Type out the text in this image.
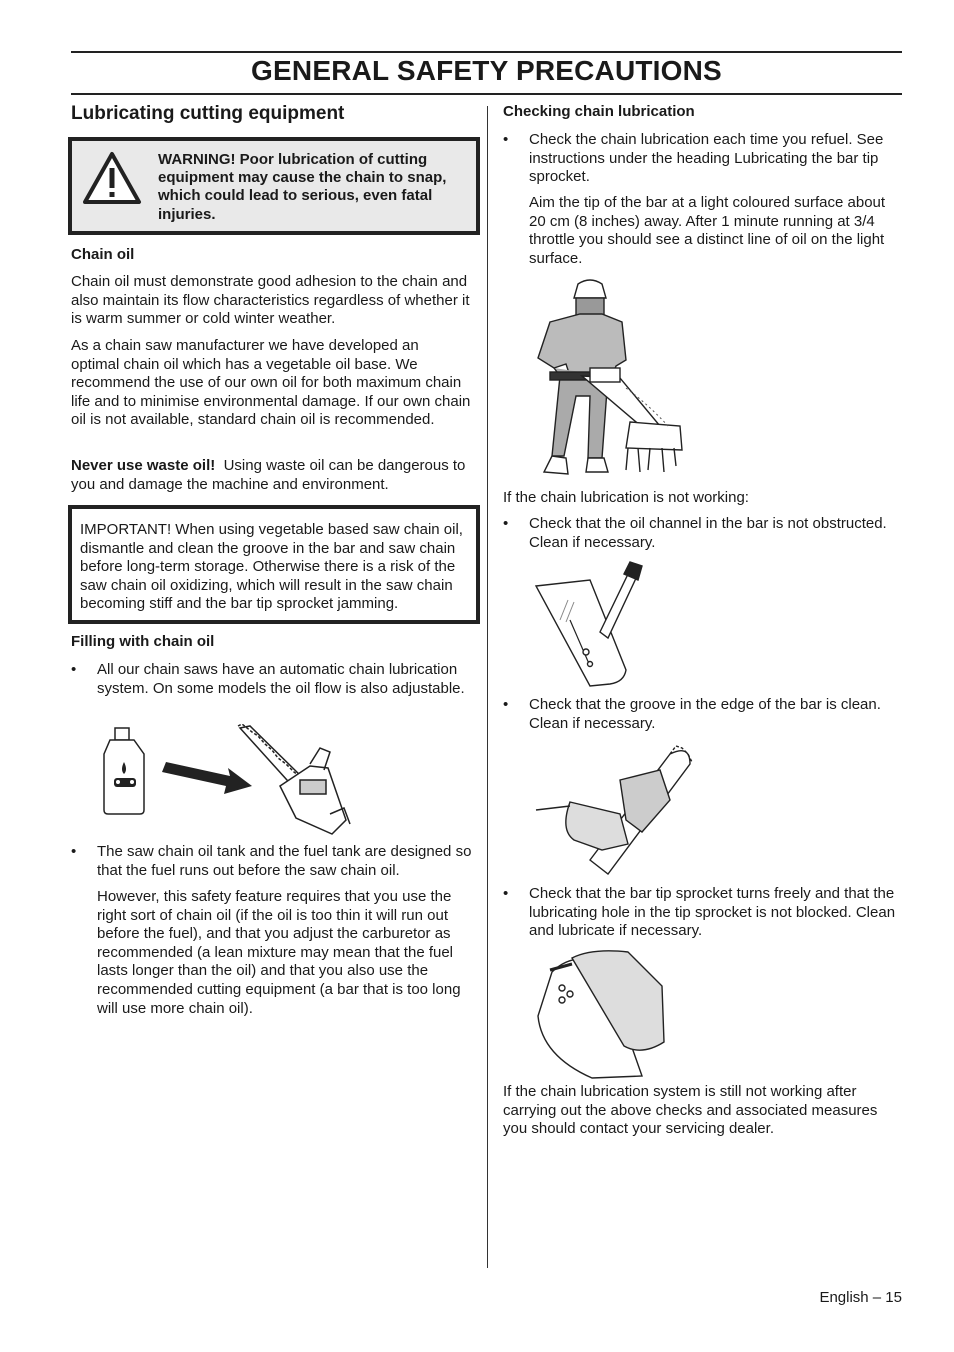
GENERAL SAFETY PRECAUTIONS
Lubricating cutting equipment
WARNING! Poor lubrication of cutting equipment may cause the chain to snap, which could lead to serious, even fatal injuries.
Chain oil
Chain oil must demonstrate good adhesion to the chain and also maintain its flow characteristics regardless of whether it is warm summer or cold winter weather.
As a chain saw manufacturer we have developed an optimal chain oil which has a vegetable oil base. We recommend the use of our own oil for both maximum chain life and to minimise environmental damage. If our own chain oil is not available, standard chain oil is recommended.
Never use waste oil! Using waste oil can be dangerous to you and damage the machine and environment.
IMPORTANT! When using vegetable based saw chain oil, dismantle and clean the groove in the bar and saw chain before long-term storage. Otherwise there is a risk of the saw chain oil oxidizing, which will result in the saw chain becoming stiff and the bar tip sprocket jamming.
Filling with chain oil
• All our chain saws have an automatic chain lubrication system. On some models the oil flow is also adjustable.
• The saw chain oil tank and the fuel tank are designed so that the fuel runs out before the saw chain oil.
However, this safety feature requires that you use the right sort of chain oil (if the oil is too thin it will run out before the fuel), and that you adjust the carburetor as recommended (a lean mixture may mean that the fuel lasts longer than the oil) and that you also use the recommended cutting equipment (a bar that is too long will use more chain oil).
Checking chain lubrication
• Check the chain lubrication each time you refuel. See instructions under the heading Lubricating the bar tip sprocket.
Aim the tip of the bar at a light coloured surface about 20 cm (8 inches) away. After 1 minute running at 3/4 throttle you should see a distinct line of oil on the light surface.
If the chain lubrication is not working:
• Check that the oil channel in the bar is not obstructed. Clean if necessary.
• Check that the groove in the edge of the bar is clean. Clean if necessary.
• Check that the bar tip sprocket turns freely and that the lubricating hole in the tip sprocket is not blocked. Clean and lubricate if necessary.
If the chain lubrication system is still not working after carrying out the above checks and associated measures you should contact your servicing dealer.
English – 15
